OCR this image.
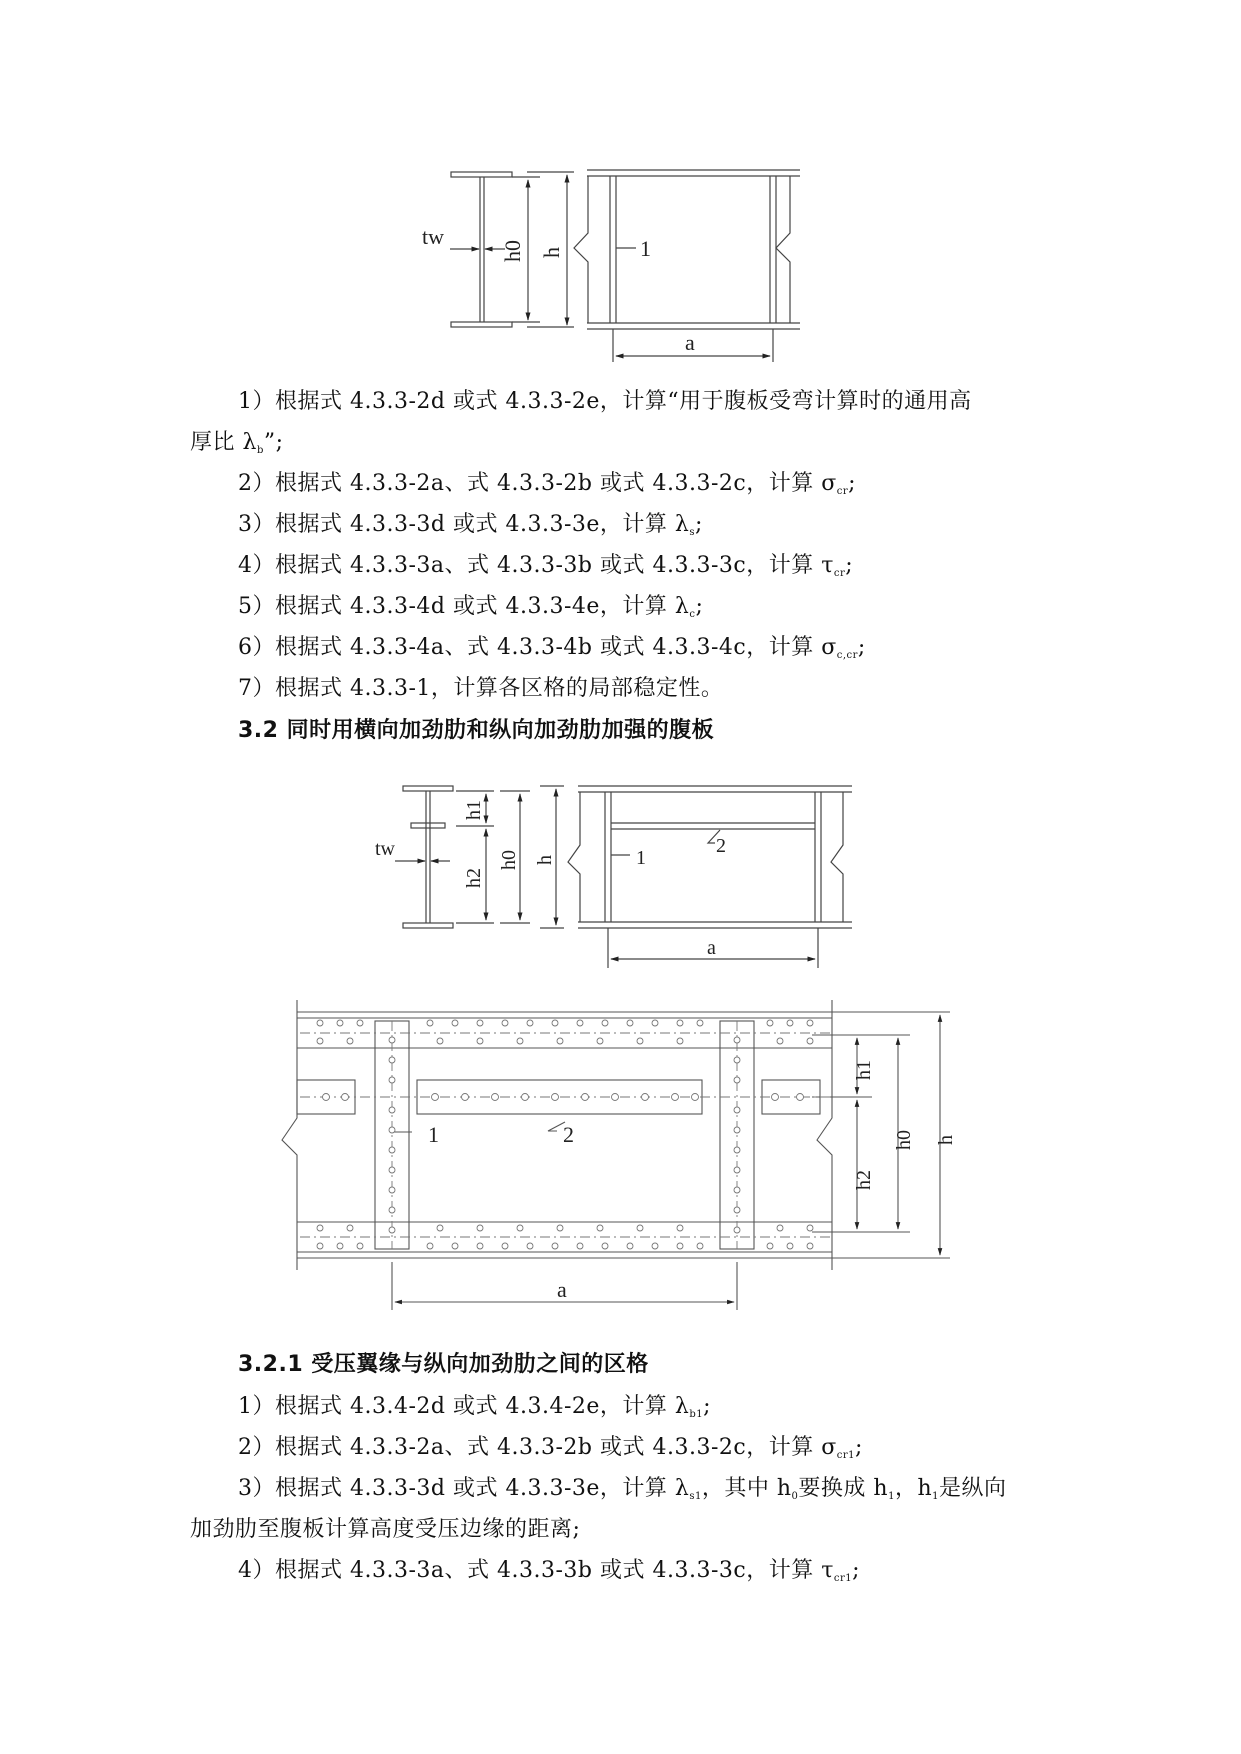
tw
h0 h	1
a
1）根据式 4.3.3-2d 或式 4.3.3-2e，计算“用于腹板受弯计算时的通用高
厚比 $\lambda_b$”;
2）根据式 4.3.3-2a、式 4.3.3-2b 或式 4.3.3-2c，计算 $\sigma_{cr}$;
3）根据式 4.3.3-3d 或式 4.3.3-3e，计算 $\lambda_s$;
4）根据式 4.3.3-3a、式 4.3.3-3b 或式 4.3.3-3c，计算 $\tau_{cr}$;
5）根据式 4.3.3-4d 或式 4.3.3-4e，计算 $\lambda_c$;
6）根据式 4.3.3-4a、式 4.3.3-4b 或式 4.3.3-4c，计算 $\sigma_{c,cr}$;
7）根据式 4.3.3-1，计算各区格的局部稳定性。
3.2 同时用横向加劲肋和纵向加劲肋加强的腹板
tw
h1
h2
h0 h	1
2
a
1	2
h1
h2
h0 h
a
3.2.1 受压翼缘与纵向加劲肋之间的区格
1）根据式 4.3.4-2d 或式 4.3.4-2e，计算 $\lambda_{b1}$;
2）根据式 4.3.3-2a、式 4.3.3-2b 或式 4.3.3-2c，计算 $\sigma_{cr1}$;
3）根据式 4.3.3-3d 或式 4.3.3-3e，计算 $\lambda_{s1}$，其中 $h_0$要换成 $h_1$，$h_1$是纵向
加劲肋至腹板计算高度受压边缘的距离;
4）根据式 4.3.3-3a、式 4.3.3-3b 或式 4.3.3-3c，计算 $\tau_{cr1}$;
